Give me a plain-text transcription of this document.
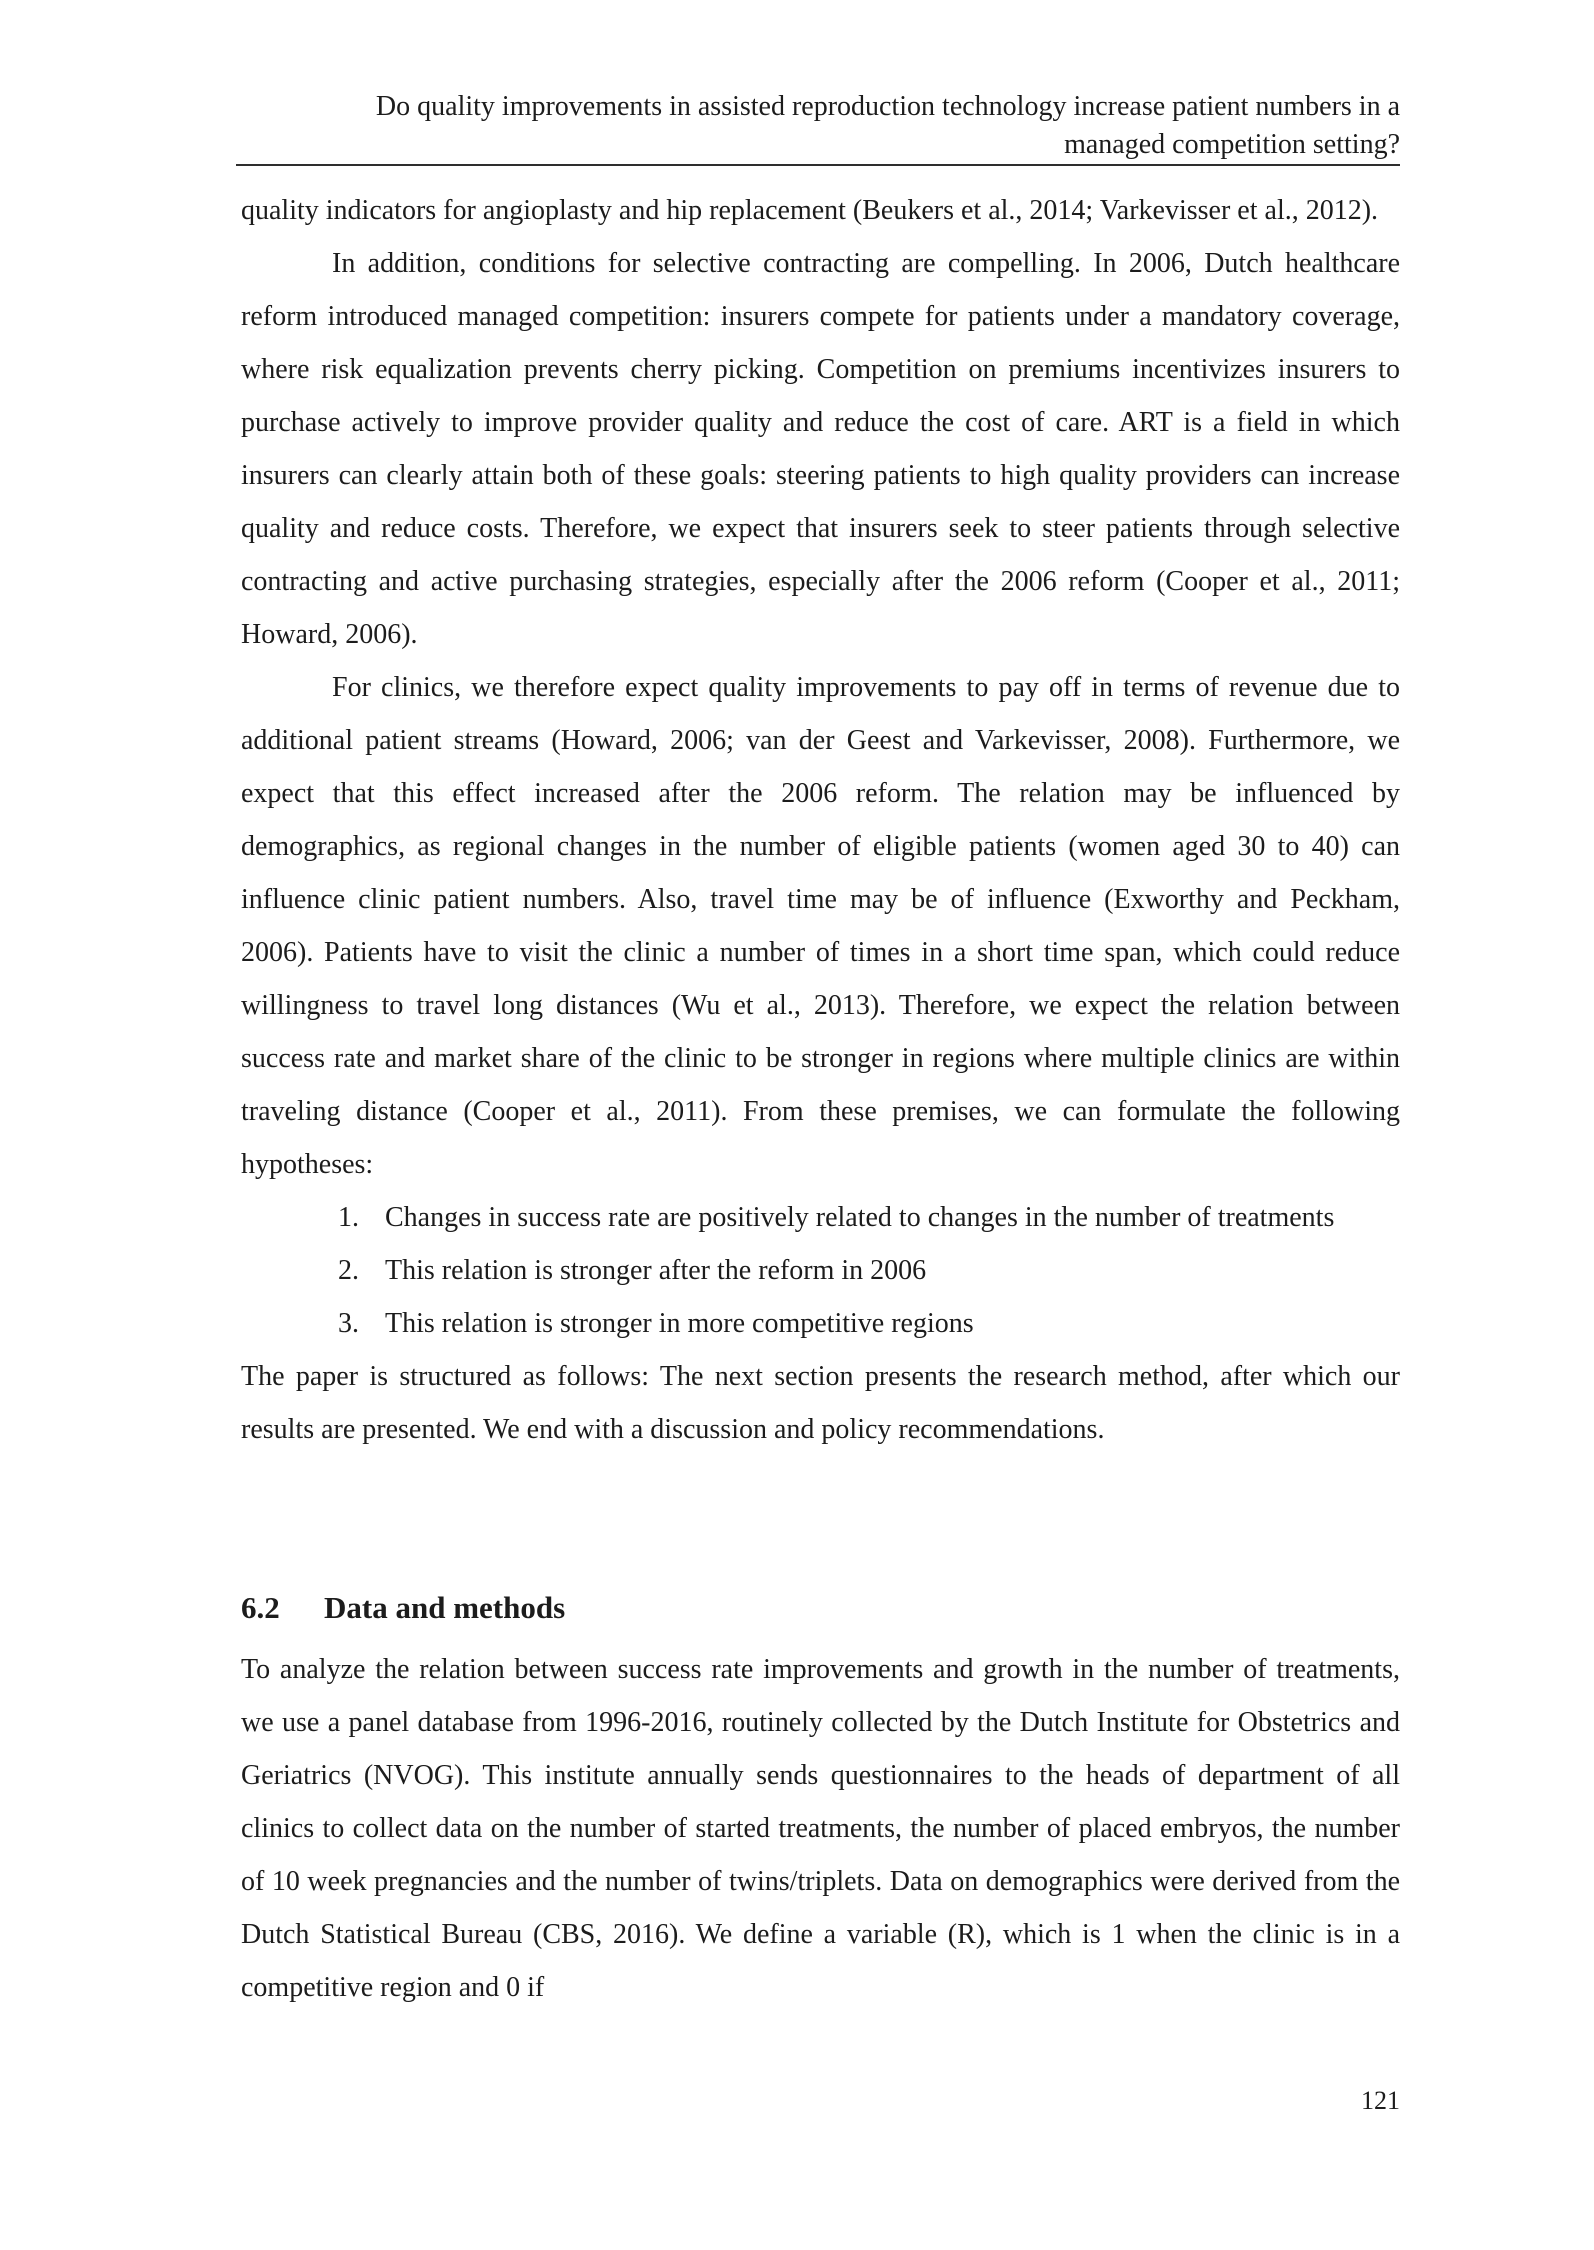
Do quality improvements in assisted reproduction technology increase patient numbers in a
managed competition setting?

quality indicators for angioplasty and hip replacement (Beukers et al., 2014; Varkevisser et al., 2012).

In addition, conditions for selective contracting are compelling. In 2006, Dutch healthcare reform introduced managed competition: insurers compete for patients under a mandatory coverage, where risk equalization prevents cherry picking. Competition on premiums incentivizes insurers to purchase actively to improve provider quality and reduce the cost of care. ART is a field in which insurers can clearly attain both of these goals: steering patients to high quality providers can increase quality and reduce costs. Therefore, we expect that insurers seek to steer patients through selective contracting and active purchasing strategies, especially after the 2006 reform (Cooper et al., 2011; Howard, 2006).

For clinics, we therefore expect quality improvements to pay off in terms of revenue due to additional patient streams (Howard, 2006; van der Geest and Varkevisser, 2008). Furthermore, we expect that this effect increased after the 2006 reform. The relation may be influenced by demographics, as regional changes in the number of eligible patients (women aged 30 to 40) can influence clinic patient numbers. Also, travel time may be of influence (Exworthy and Peckham, 2006). Patients have to visit the clinic a number of times in a short time span, which could reduce willingness to travel long distances (Wu et al., 2013). Therefore, we expect the relation between success rate and market share of the clinic to be stronger in regions where multiple clinics are within traveling distance (Cooper et al., 2011). From these premises, we can formulate the following hypotheses:

1. Changes in success rate are positively related to changes in the number of treatments
2. This relation is stronger after the reform in 2006
3. This relation is stronger in more competitive regions

The paper is structured as follows: The next section presents the research method, after which our results are presented. We end with a discussion and policy recommendations.

6.2	Data and methods

To analyze the relation between success rate improvements and growth in the number of treatments, we use a panel database from 1996-2016, routinely collected by the Dutch Institute for Obstetrics and Geriatrics (NVOG). This institute annually sends questionnaires to the heads of department of all clinics to collect data on the number of started treatments, the number of placed embryos, the number of 10 week pregnancies and the number of twins/triplets. Data on demographics were derived from the Dutch Statistical Bureau (CBS, 2016). We define a variable (R), which is 1 when the clinic is in a competitive region and 0 if

121
